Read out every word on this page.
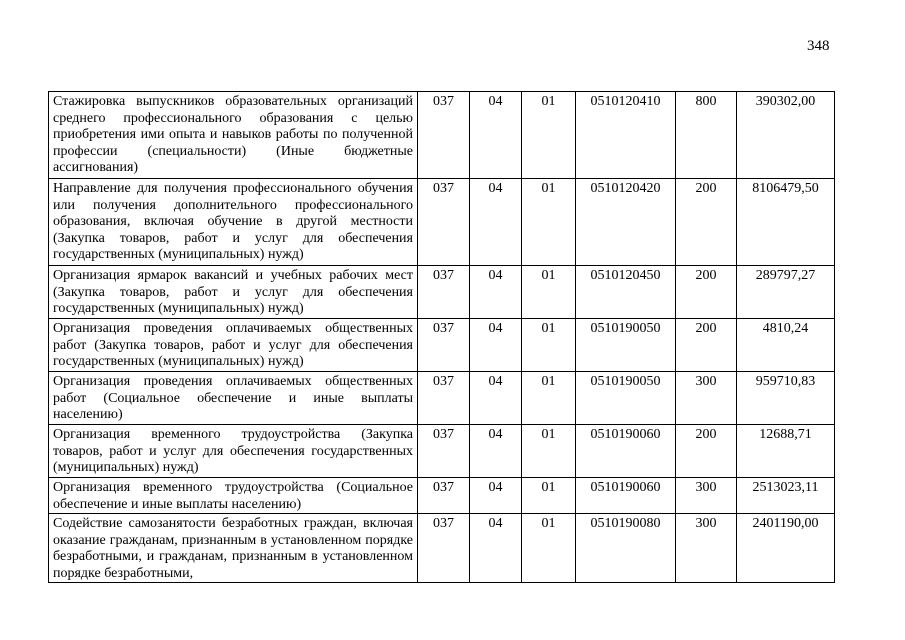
348
Стажировка выпускников образовательных организаций среднего профессионального образования с целью приобретения ими опыта и навыков работы по полученной профессии (специальности) (Иные бюджетные ассигнования)	037	04	01	0510120410	800	390302,00
Направление для получения профессионального обучения или получения дополнительного профессионального образования, включая обучение в другой местности (Закупка товаров, работ и услуг для обеспечения государственных (муниципальных) нужд)	037	04	01	0510120420	200	8106479,50
Организация ярмарок вакансий и учебных рабочих мест (Закупка товаров, работ и услуг для обеспечения государственных (муниципальных) нужд)	037	04	01	0510120450	200	289797,27
Организация проведения оплачиваемых общественных работ (Закупка товаров, работ и услуг для обеспечения государственных (муниципальных) нужд)	037	04	01	0510190050	200	4810,24
Организация проведения оплачиваемых общественных работ (Социальное обеспечение и иные выплаты населению)	037	04	01	0510190050	300	959710,83
Организация временного трудоустройства (Закупка товаров, работ и услуг для обеспечения государственных (муниципальных) нужд)	037	04	01	0510190060	200	12688,71
Организация временного трудоустройства (Социальное обеспечение и иные выплаты населению)	037	04	01	0510190060	300	2513023,11
Содействие самозанятости безработных граждан, включая оказание гражданам, признанным в установленном порядке безработными, и гражданам, признанным в установленном порядке безработными,	037	04	01	0510190080	300	2401190,00
